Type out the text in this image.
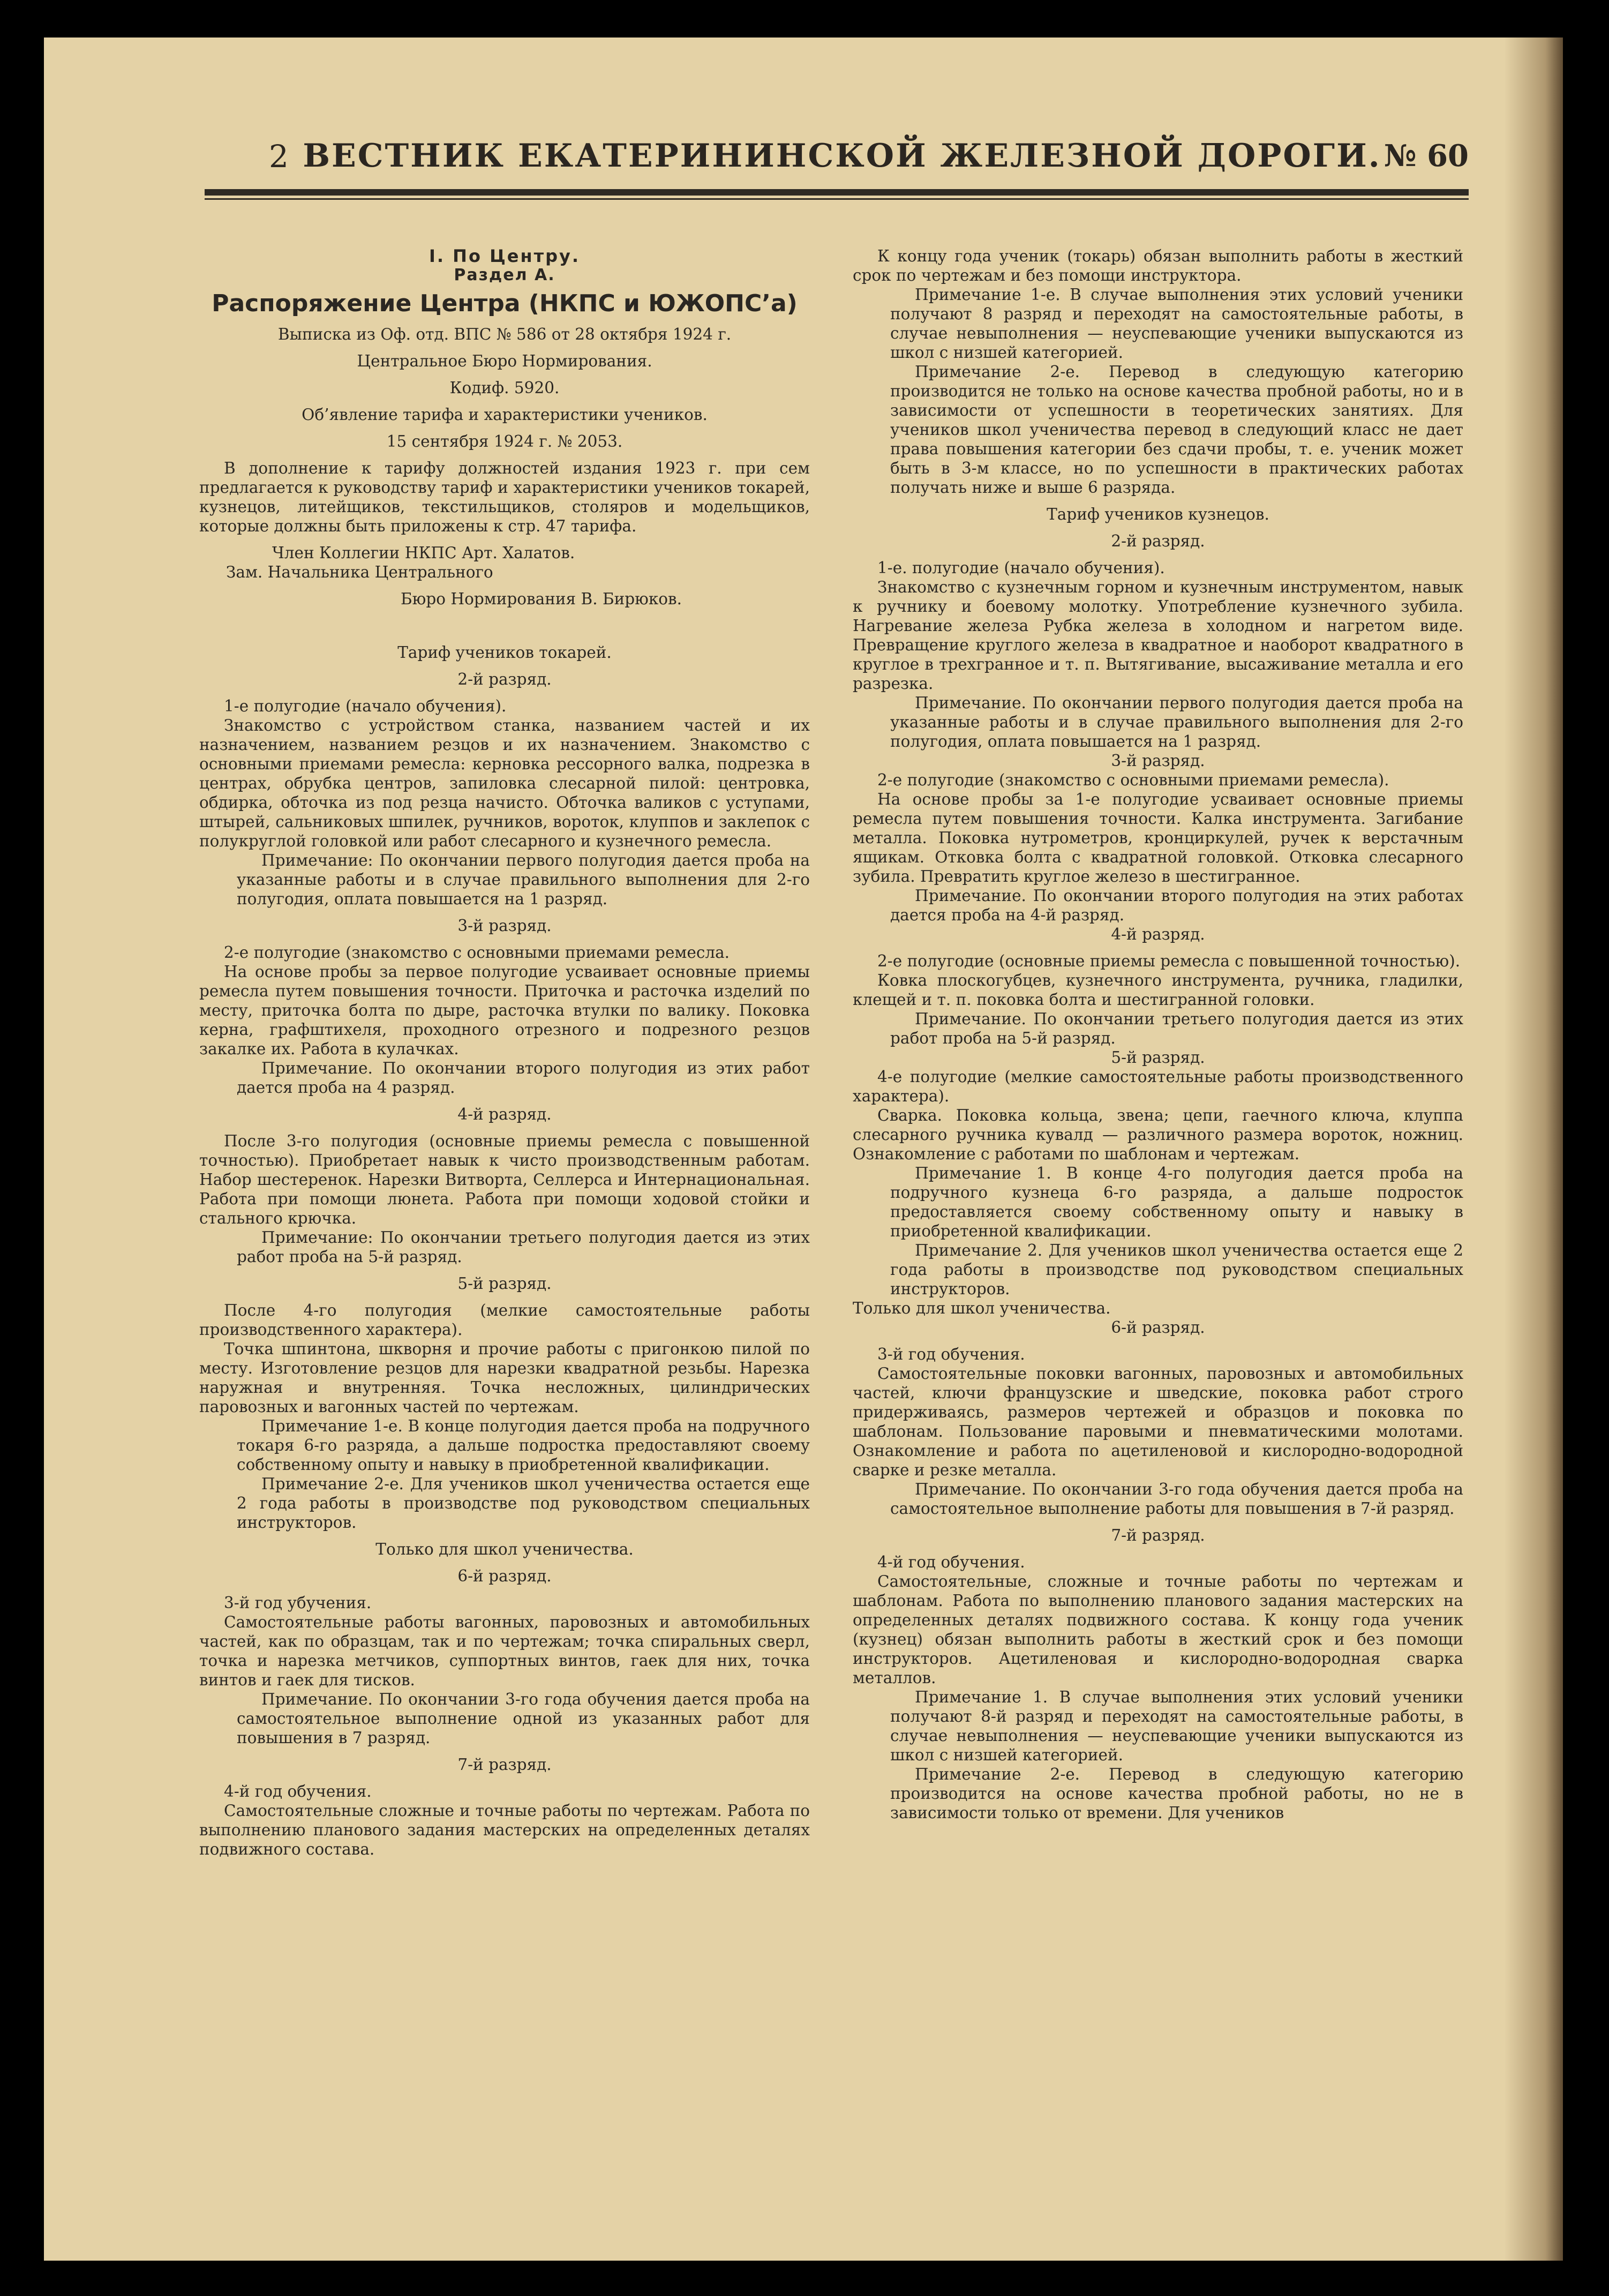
2 ВЕСТНИК ЕКАТЕРИНИНСКОЙ ЖЕЛЕЗНОЙ ДОРОГИ. № 60
I. По Центру.
Раздел А.
Распоряжение Центра (НКПС и ЮЖОПС’а)
Выписка из Оф. отд. ВПС № 586 от 28 октября 1924 г.
Центральное Бюро Нормирования.
Кодиф. 5920.
Об’явление тарифа и характеристики учеников.
15 сентября 1924 г. № 2053.

В дополнение к тарифу должностей издания 1923 г. при сем предлагается к руководству тариф и характеристики учеников токарей, кузнецов, литейщиков, текстильщиков, столяров и модельщиков, которые должны быть приложены к стр. 47 тарифа.

Член Коллегии НКПС Арт. Халатов.

Зам. Начальника Центрального

Бюро Нормирования В. Бирюков.

Тариф учеников токарей.
2-й разряд.

1-е полугодие (начало обучения).

Знакомство с устройством станка, названием частей и их назначением, названием резцов и их назначением. Знакомство с основными приемами ремесла: керновка рессорного валка, подрезка в центрах, обрубка центров, запиловка слесарной пилой: центровка, обдирка, обточка из под резца начисто. Обточка валиков с уступами, штырей, сальниковых шпилек, ручников, вороток, клуппов и заклепок с полукруглой головкой или работ слесарного и кузнечного ремесла.

Примечание: По окончании первого полугодия дается проба на указанные работы и в случае правильного выполнения для 2-го полугодия, оплата повышается на 1 разряд.

3-й разряд.

2-е полугодие (знакомство с основными приемами ремесла.

На основе пробы за первое полугодие усваивает основные приемы ремесла путем повышения точности. Приточка и расточка изделий по месту, приточка болта по дыре, расточка втулки по валику. Поковка керна, графштихеля, проходного отрезного и подрезного резцов закалке их. Работа в кулачках.

Примечание. По окончании второго полугодия из этих работ дается проба на 4 разряд.

4-й разряд.

После 3-го полугодия (основные приемы ремесла с повышенной точностью). Приобретает навык к чисто производственным работам. Набор шестеренок. Нарезки Витворта, Селлерса и Интернациональная. Работа при помощи люнета. Работа при помощи ходовой стойки и стального крючка.

Примечание: По окончании третьего полугодия дается из этих работ проба на 5-й разряд.

5-й разряд.

После 4-го полугодия (мелкие самостоятельные работы производственного характера).

Точка шпинтона, шкворня и прочие работы с пригонкою пилой по месту. Изготовление резцов для нарезки квадратной резьбы. Нарезка наружная и внутренняя. Точка несложных, цилиндрических паровозных и вагонных частей по чертежам.

Примечание 1-е. В конце полугодия дается проба на подручного токаря 6-го разряда, а дальше подростка предоставляют своему собственному опыту и навыку в приобретенной квалификации.

Примечание 2-е. Для учеников школ ученичества остается еще 2 года работы в производстве под руководством специальных инструкторов.

Только для школ ученичества.
6-й разряд.

3-й год убучения.

Самостоятельные работы вагонных, паровозных и автомобильных частей, как по образцам, так и по чертежам; точка спиральных сверл, точка и нарезка метчиков, суппортных винтов, гаек для них, точка винтов и гаек для тисков.

Примечание. По окончании 3-го года обучения дается проба на самостоятельное выполнение одной из указанных работ для повышения в 7 разряд.

7-й разряд.

4-й год обучения.

Самостоятельные сложные и точные работы по чертежам. Работа по выполнению планового задания мастерских на определенных деталях подвижного состава.

К концу года ученик (токарь) обязан выполнить работы в жесткий срок по чертежам и без помощи инструктора.

Примечание 1-е. В случае выполнения этих условий ученики получают 8 разряд и переходят на самостоятельные работы, в случае невыполнения — неуспевающие ученики выпускаются из школ с низшей категорией.

Примечание 2-е. Перевод в следующую категорию производится не только на основе качества пробной работы, но и в зависимости от успешности в теоретических занятиях. Для учеников школ ученичества перевод в следующий класс не дает права повышения категории без сдачи пробы, т. е. ученик может быть в 3-м классе, но по успешности в практических работах получать ниже и выше 6 разряда.

Тариф учеников кузнецов.
2-й разряд.

1-е. полугодие (начало обучения).

Знакомство с кузнечным горном и кузнечным инструментом, навык к ручнику и боевому молотку. Употребление кузнечного зубила. Нагревание железа Рубка железа в холодном и нагретом виде. Превращение круглого железа в квадратное и наоборот квадратного в круглое в трехгранное и т. п. Вытягивание, высаживание металла и его разрезка.

Примечание. По окончании первого полугодия дается проба на указанные работы и в случае правильного выполнения для 2-го полугодия, оплата повышается на 1 разряд.

3-й разряд.

2-е полугодие (знакомство с основными приемами ремесла).

На основе пробы за 1-е полугодие усваивает основные приемы ремесла путем повышения точности. Калка инструмента. Загибание металла. Поковка нутрометров, кронциркулей, ручек к верстачным ящикам. Отковка болта с квадратной головкой. Отковка слесарного зубила. Превратить круглое железо в шестигранное.

Примечание. По окончании второго полугодия на этих работах дается проба на 4-й разряд.

4-й разряд.

2-е полугодие (основные приемы ремесла с повышенной точностью).

Ковка плоскогубцев, кузнечного инструмента, ручника, гладилки, клещей и т. п. поковка болта и шестигранной головки.

Примечание. По окончании третьего полугодия дается из этих работ проба на 5-й разряд.

5-й разряд.

4-е полугодие (мелкие самостоятельные работы производственного характера).

Сварка. Поковка кольца, звена; цепи, гаечного ключа, клуппа слесарного ручника кувалд — различного размера вороток, ножниц. Ознакомление с работами по шаблонам и чертежам.

Примечание 1. В конце 4-го полугодия дается проба на подручного кузнеца 6-го разряда, а дальше подросток предоставляется своему собственному опыту и навыку в приобретенной квалификации.

Примечание 2. Для учеников школ ученичества остается еще 2 года работы в производстве под руководством специальных инструкторов.

Только для школ ученичества.

6-й разряд.

3-й год обучения.

Самостоятельные поковки вагонных, паровозных и автомобильных частей, ключи французские и шведские, поковка работ строго придерживаясь, размеров чертежей и образцов и поковка по шаблонам. Пользование паровыми и пневматическими молотами. Ознакомление и работа по ацетиленовой и кислородно-водородной сварке и резке металла.

Примечание. По окончании 3-го года обучения дается проба на самостоятельное выполнение работы для повышения в 7-й разряд.

7-й разряд.

4-й год обучения.

Самостоятельные, сложные и точные работы по чертежам и шаблонам. Работа по выполнению планового задания мастерских на определенных деталях подвижного состава. К концу года ученик (кузнец) обязан выполнить работы в жесткий срок и без помощи инструкторов. Ацетиленовая и кислородно-водородная сварка металлов.

Примечание 1. В случае выполнения этих условий ученики получают 8-й разряд и переходят на самостоятельные работы, в случае невыполнения — неуспевающие ученики выпускаются из школ с низшей категорией.

Примечание 2-е. Перевод в следующую категорию производится на основе качества пробной работы, но не в зависимости только от времени. Для учеников
